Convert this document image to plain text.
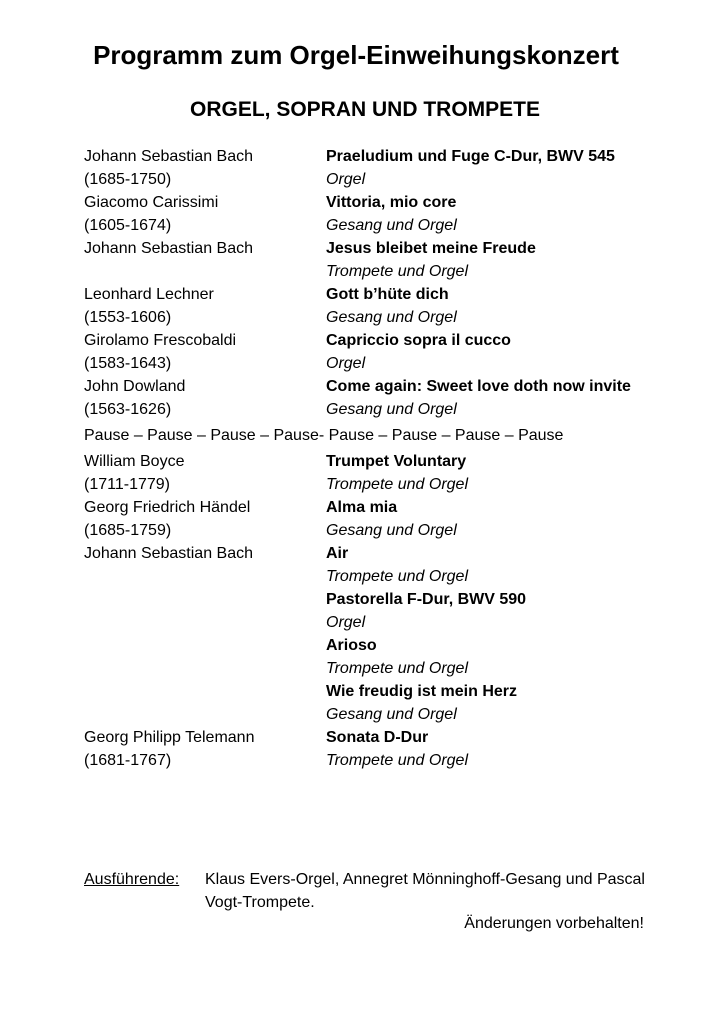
Programm zum Orgel-Einweihungskonzert
ORGEL, SOPRAN UND TROMPETE
Johann Sebastian Bach
(1685-1750)
Praeludium und Fuge C-Dur, BWV 545
Orgel
Giacomo Carissimi
(1605-1674)
Vittoria, mio core
Gesang und Orgel
Johann Sebastian Bach	Jesus bleibet meine Freude
Trompete und Orgel
Leonhard Lechner
(1553-1606)
Gott b’hüte dich
Gesang und Orgel
Girolamo Frescobaldi
(1583-1643)
Capriccio sopra il cucco
Orgel
John Dowland
(1563-1626)
Come again: Sweet love doth now invite
Gesang und Orgel
Pause – Pause – Pause – Pause- Pause – Pause – Pause – Pause
William Boyce
(1711-1779)
Trumpet Voluntary
Trompete und Orgel
Georg Friedrich Händel
(1685-1759)
Alma mia
Gesang und Orgel
Johann Sebastian Bach	Air
Trompete und Orgel
Pastorella F-Dur, BWV 590
Orgel
Arioso
Trompete und Orgel
Wie freudig ist mein Herz
Gesang und Orgel
Georg Philipp Telemann
(1681-1767)
Sonata D-Dur
Trompete und Orgel
Ausführende: Klaus Evers-Orgel, Annegret Mönninghoff-Gesang und Pascal Vogt-Trompete.
Änderungen vorbehalten!
